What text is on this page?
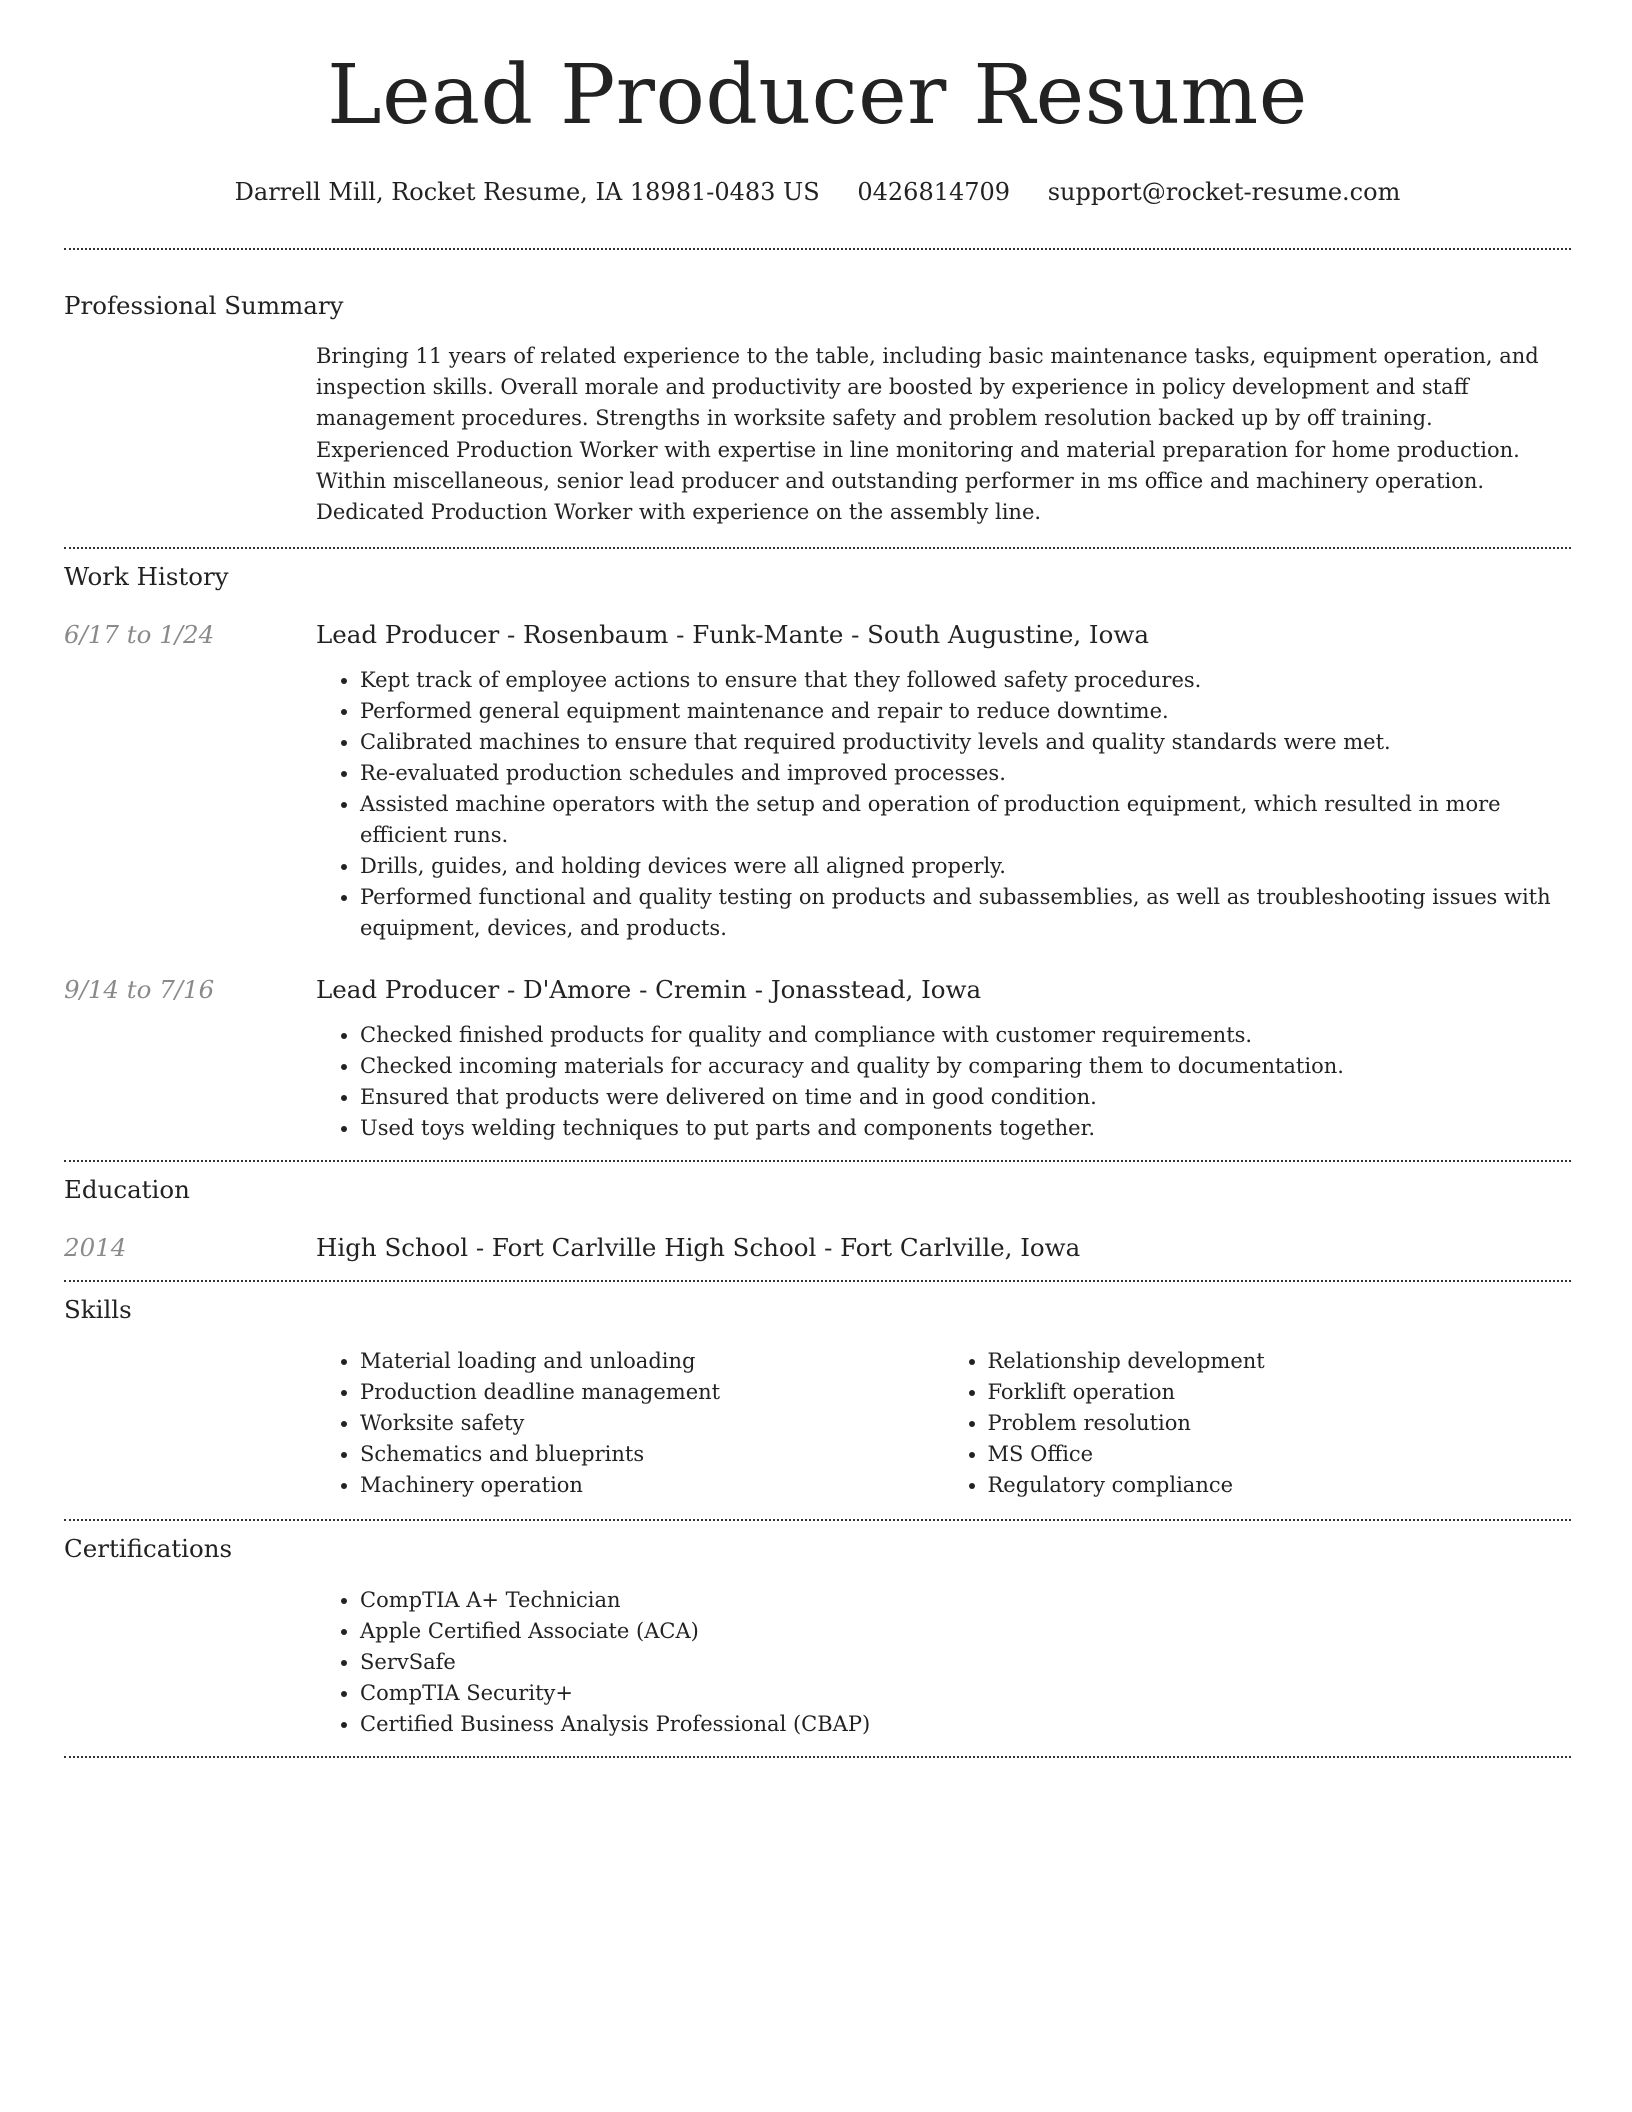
Lead Producer Resume
Darrell Mill, Rocket Resume, IA 18981-0483 US 0426814709 support@rocket-resume.com
Professional Summary
Bringing 11 years of related experience to the table, including basic maintenance tasks, equipment operation, and inspection skills. Overall morale and productivity are boosted by experience in policy development and staff management procedures. Strengths in worksite safety and problem resolution backed up by off training. Experienced Production Worker with expertise in line monitoring and material preparation for home production. Within miscellaneous, senior lead producer and outstanding performer in ms office and machinery operation. Dedicated Production Worker with experience on the assembly line.
Work History
6/17 to 1/24	Lead Producer - Rosenbaum - Funk-Mante - South Augustine, Iowa
• Kept track of employee actions to ensure that they followed safety procedures.
• Performed general equipment maintenance and repair to reduce downtime.
• Calibrated machines to ensure that required productivity levels and quality standards were met.
• Re-evaluated production schedules and improved processes.
• Assisted machine operators with the setup and operation of production equipment, which resulted in more efficient runs.
• Drills, guides, and holding devices were all aligned properly.
• Performed functional and quality testing on products and subassemblies, as well as troubleshooting issues with equipment, devices, and products.
9/14 to 7/16	Lead Producer - D'Amore - Cremin - Jonasstead, Iowa
• Checked finished products for quality and compliance with customer requirements.
• Checked incoming materials for accuracy and quality by comparing them to documentation.
• Ensured that products were delivered on time and in good condition.
• Used toys welding techniques to put parts and components together.
Education
2014	High School - Fort Carlville High School - Fort Carlville, Iowa
Skills
• Material loading and unloading
• Production deadline management
• Worksite safety
• Schematics and blueprints
• Machinery operation
• Relationship development
• Forklift operation
• Problem resolution
• MS Office
• Regulatory compliance
Certifications
• CompTIA A+ Technician
• Apple Certified Associate (ACA)
• ServSafe
• CompTIA Security+
• Certified Business Analysis Professional (CBAP)
